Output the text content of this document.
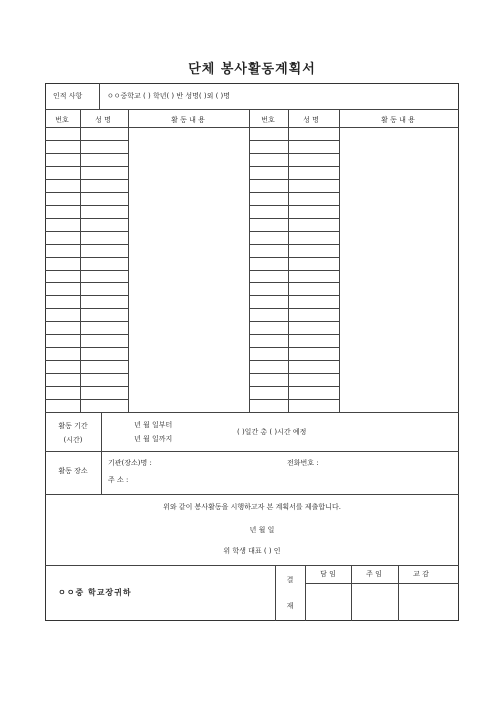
단체 봉사활동계획서
인적 사항	ㅇㅇ중학교 ( ) 학년( ) 반 성명( )외 ( )명
번호	성 명	활 동 내 용	번호	성 명	활 동 내 용
활동 기간
(시간)
년 월 일부터
년 월 일까지
( )일간 총 ( )시간 예정
활동 장소
기관(장소)명 :	전화번호 :
주 소 :
위와 같이 봉사활동을 시행하고자 본 계획서를 제출합니다.
년 월 일
위 학생 대표 ( ) 인
ㅇㅇ중 학교장귀하
결
재
담 임	주 임	교 감
